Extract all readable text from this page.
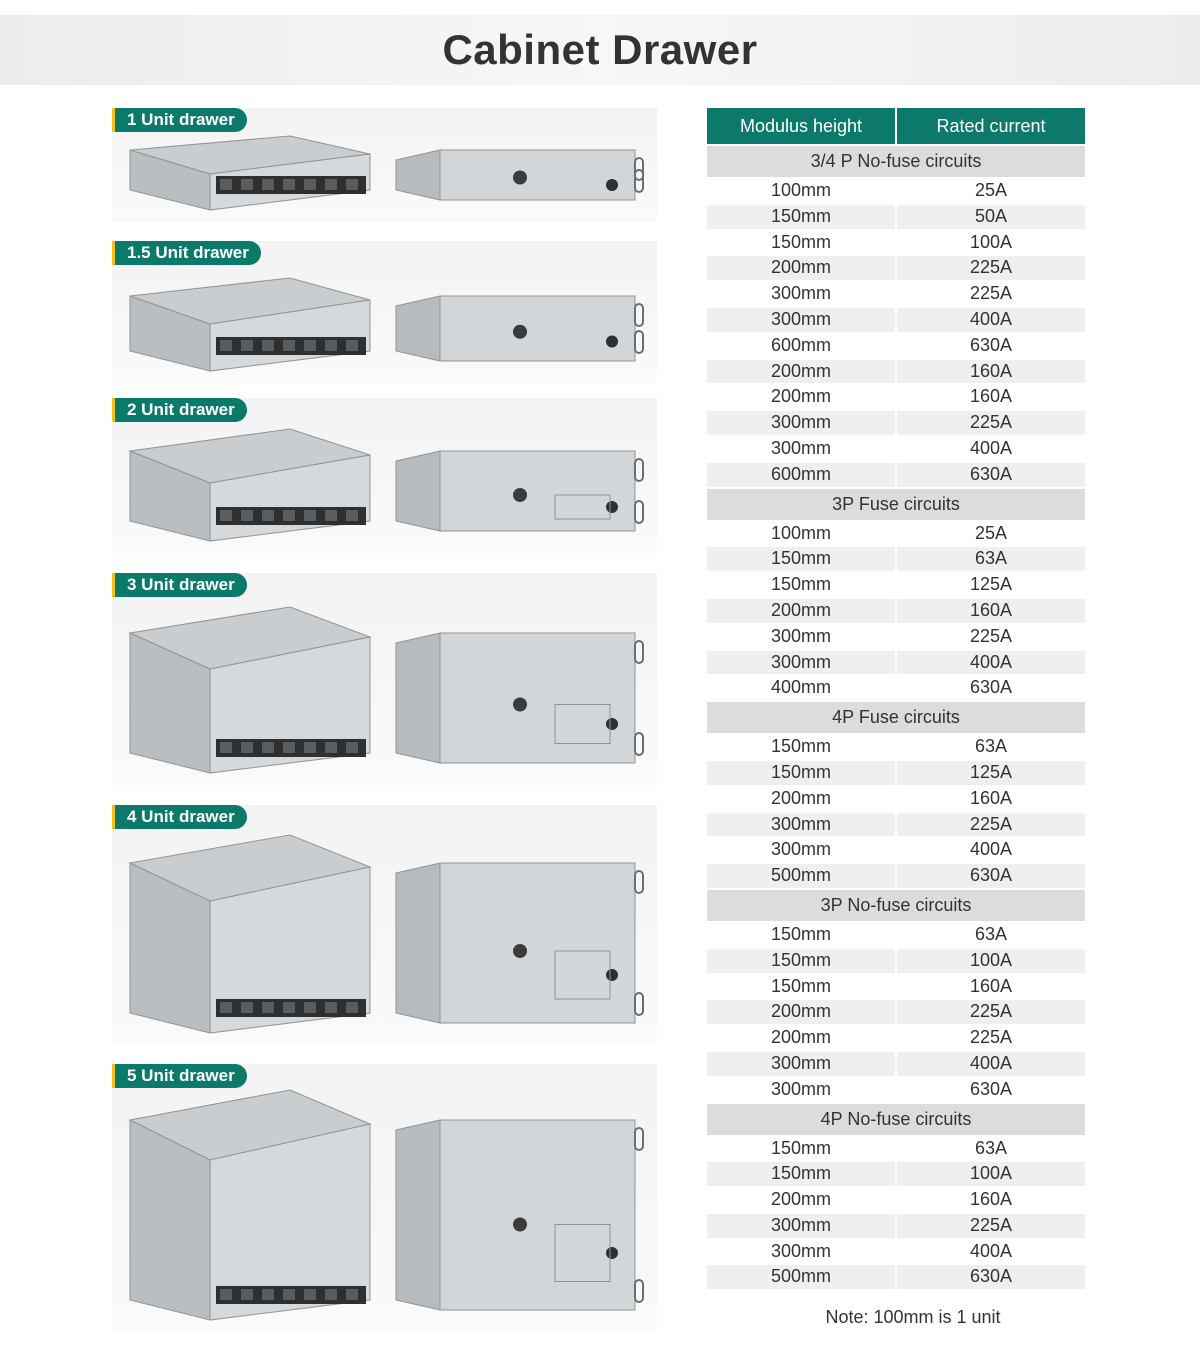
Cabinet Drawer
1 Unit drawer
1.5 Unit drawer
2 Unit drawer
3 Unit drawer
4 Unit drawer
5 Unit drawer
Modulus height	Rated current
3/4 P No-fuse circuits
100mm	25A
150mm	50A
150mm	100A
200mm	225A
300mm	225A
300mm	400A
600mm	630A
200mm	160A
200mm	160A
300mm	225A
300mm	400A
600mm	630A
3P Fuse circuits
100mm	25A
150mm	63A
150mm	125A
200mm	160A
300mm	225A
300mm	400A
400mm	630A
4P Fuse circuits
150mm	63A
150mm	125A
200mm	160A
300mm	225A
300mm	400A
500mm	630A
3P No-fuse circuits
150mm	63A
150mm	100A
150mm	160A
200mm	225A
200mm	225A
300mm	400A
300mm	630A
4P No-fuse circuits
150mm	63A
150mm	100A
200mm	160A
300mm	225A
300mm	400A
500mm	630A
Note: 100mm is 1 unit
